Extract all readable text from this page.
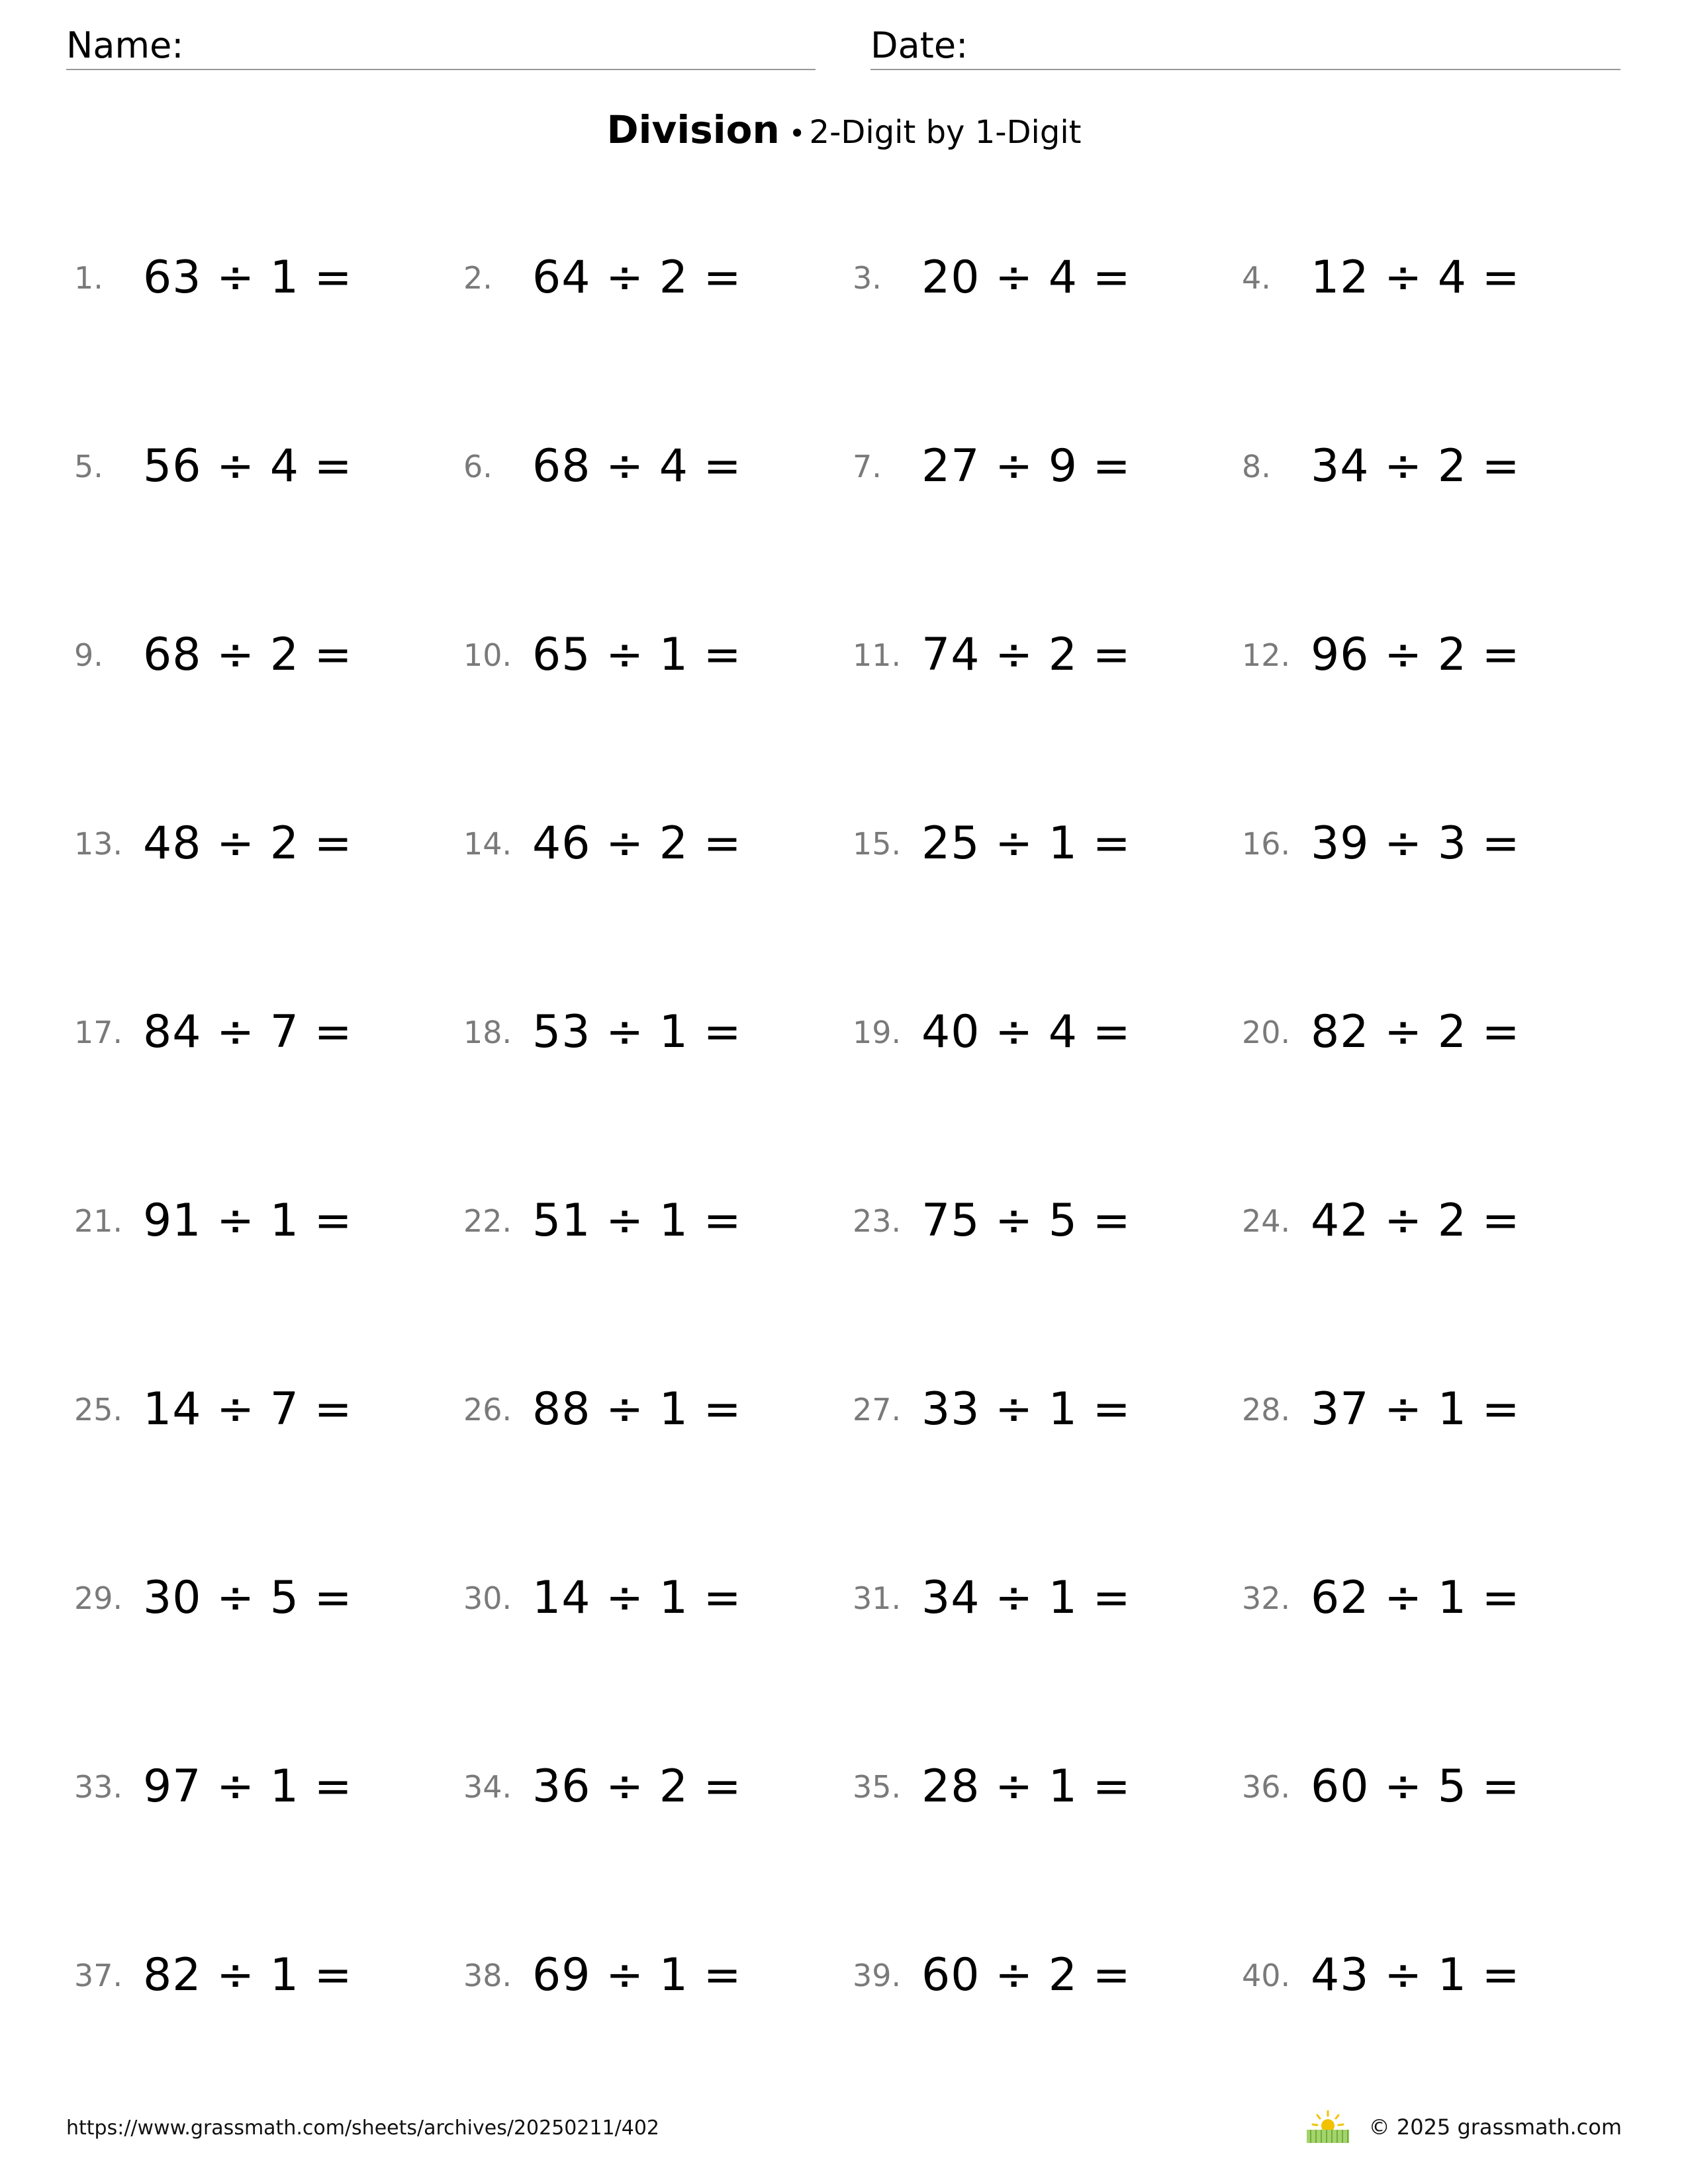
Name:	Date:
Division • 2-Digit by 1-Digit
1. 63 ÷ 1 =	2. 64 ÷ 2 =	3. 20 ÷ 4 =	4. 12 ÷ 4 =
5. 56 ÷ 4 =	6. 68 ÷ 4 =	7. 27 ÷ 9 =	8. 34 ÷ 2 =
9. 68 ÷ 2 =	10. 65 ÷ 1 =	11. 74 ÷ 2 =	12. 96 ÷ 2 =
13. 48 ÷ 2 =	14. 46 ÷ 2 =	15. 25 ÷ 1 =	16. 39 ÷ 3 =
17. 84 ÷ 7 =	18. 53 ÷ 1 =	19. 40 ÷ 4 =	20. 82 ÷ 2 =
21. 91 ÷ 1 =	22. 51 ÷ 1 =	23. 75 ÷ 5 =	24. 42 ÷ 2 =
25. 14 ÷ 7 =	26. 88 ÷ 1 =	27. 33 ÷ 1 =	28. 37 ÷ 1 =
29. 30 ÷ 5 =	30. 14 ÷ 1 =	31. 34 ÷ 1 =	32. 62 ÷ 1 =
33. 97 ÷ 1 =	34. 36 ÷ 2 =	35. 28 ÷ 1 =	36. 60 ÷ 5 =
37. 82 ÷ 1 =	38. 69 ÷ 1 =	39. 60 ÷ 2 =	40. 43 ÷ 1 =
https://www.grassmath.com/sheets/archives/20250211/402	© 2025 grassmath.com
